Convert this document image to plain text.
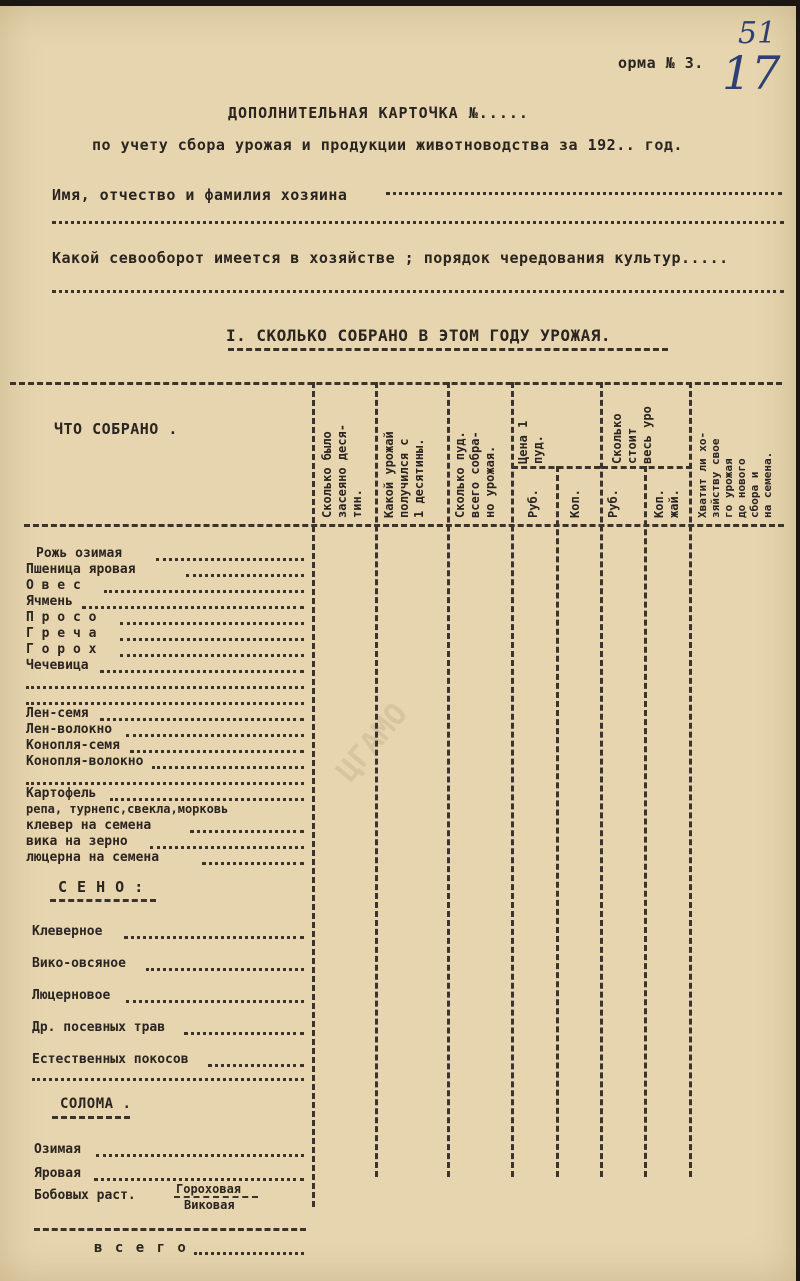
ЦГАМО
орма № 3.
51
17
ДОПОЛНИТЕЛЬНАЯ КАРТОЧКА №.....
по учету сбора урожая и продукции животноводства за 192.. год.
Имя, отчество и фамилия хозяина
Какой севооборот имеется в хозяйстве ; порядок чередования культур.....
I. СКОЛЬКО СОБРАНО В ЭТОМ ГОДУ УРОЖАЯ.
ЧТО СОБРАНО .
Сколько было
засеяно деся-
тин. Какой урожай
получился с
1 десятины. Сколько пуд.
всего собра-
но урожая.
Руб.
Цена 1
пуд.
Коп. Руб.
Сколько
стоит
весь уро
Коп.
жай. Хватит ли хо-
зяйству свое
го урожая
до нового
сбора и
на семена.
Рожь озимая
Пшеница яровая
О в е с
Ячмень
П р о с о
Г р е ч а
Г о р о х
Чечевица
Лен-семя
Лен-волокно
Конопля-семя
Конопля-волокно
Картофель
репа, турнепс,свекла,морковь
клевер на семена
вика на зерно
люцерна на семена
С Е Н О :
Клеверное
Вико-овсяное
Люцерновое
Др. посевных трав
Естественных покосов
СОЛОМА .
Озимая
Яровая
Бобовых раст.	Гороховая
Виковая
в с е г о
